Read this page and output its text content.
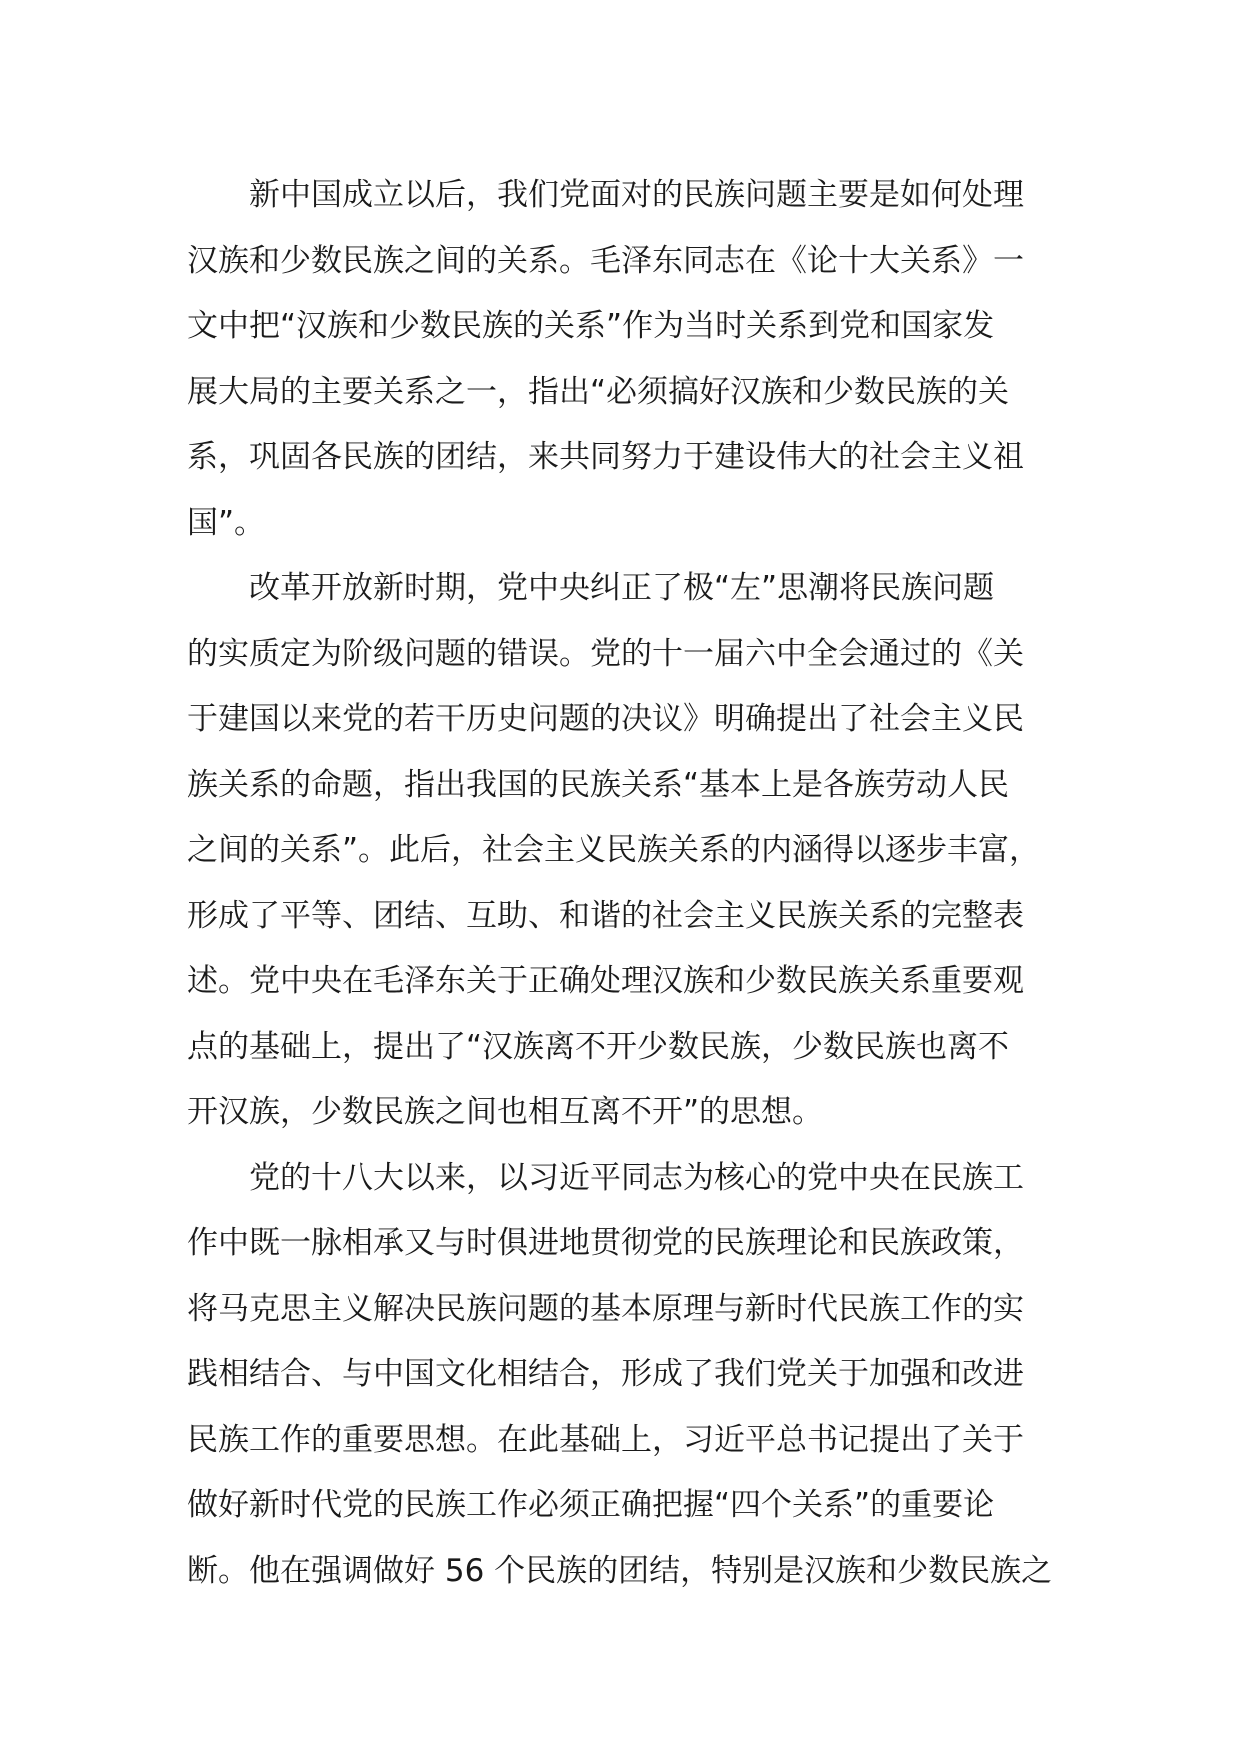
新中国成立以后，我们党面对的民族问题主要是如何处理
汉族和少数民族之间的关系。毛泽东同志在《论十大关系》一
文中把“汉族和少数民族的关系”作为当时关系到党和国家发
展大局的主要关系之一，指出“必须搞好汉族和少数民族的关
系，巩固各民族的团结，来共同努力于建设伟大的社会主义祖
国”。
改革开放新时期，党中央纠正了极“左”思潮将民族问题
的实质定为阶级问题的错误。党的十一届六中全会通过的《关
于建国以来党的若干历史问题的决议》明确提出了社会主义民
族关系的命题，指出我国的民族关系“基本上是各族劳动人民
之间的关系”。此后，社会主义民族关系的内涵得以逐步丰富，
形成了平等、团结、互助、和谐的社会主义民族关系的完整表
述。党中央在毛泽东关于正确处理汉族和少数民族关系重要观
点的基础上，提出了“汉族离不开少数民族，少数民族也离不
开汉族，少数民族之间也相互离不开”的思想。
党的十八大以来，以习近平同志为核心的党中央在民族工
作中既一脉相承又与时俱进地贯彻党的民族理论和民族政策，
将马克思主义解决民族问题的基本原理与新时代民族工作的实
践相结合、与中国文化相结合，形成了我们党关于加强和改进
民族工作的重要思想。在此基础上，习近平总书记提出了关于
做好新时代党的民族工作必须正确把握“四个关系”的重要论
断。他在强调做好 56 个民族的团结，特别是汉族和少数民族之
